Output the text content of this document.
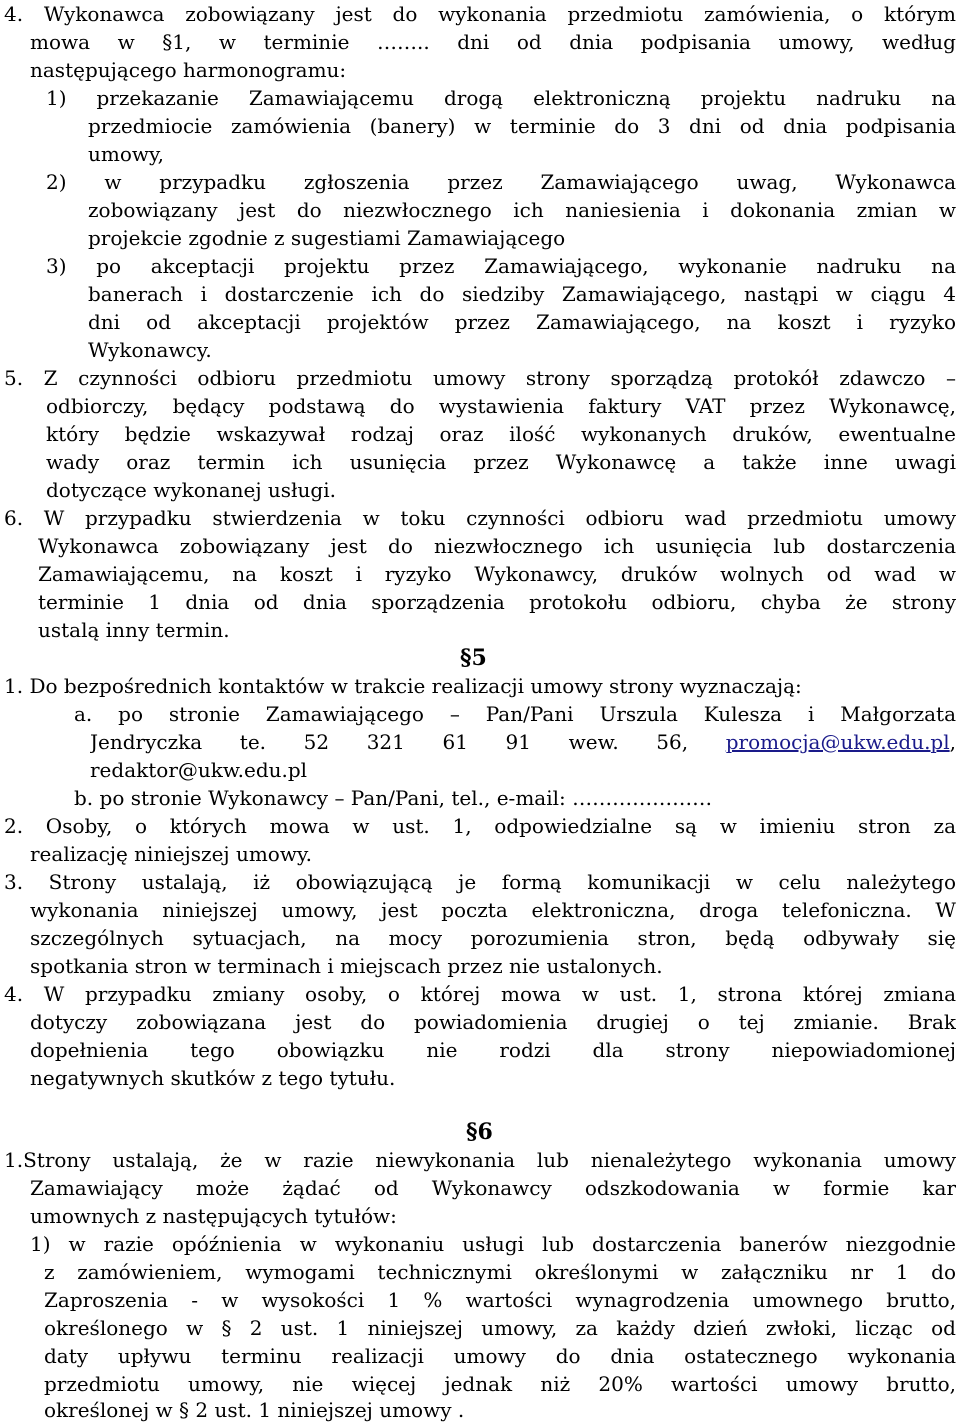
4. Wykonawca zobowiązany jest do wykonania przedmiotu zamówienia, o którym
mowa w §1, w terminie …….. dni od dnia podpisania umowy, według
następującego harmonogramu:
1) przekazanie Zamawiającemu drogą elektroniczną projektu nadruku na
przedmiocie zamówienia (banery) w terminie do 3 dni od dnia podpisania
umowy,
2) w przypadku zgłoszenia przez Zamawiającego uwag, Wykonawca
zobowiązany jest do niezwłocznego ich naniesienia i dokonania zmian w
projekcie zgodnie z sugestiami Zamawiającego
3) po akceptacji projektu przez Zamawiającego, wykonanie nadruku na
banerach i dostarczenie ich do siedziby Zamawiającego, nastąpi w ciągu 4
dni od akceptacji projektów przez Zamawiającego, na koszt i ryzyko
Wykonawcy.
5. Z czynności odbioru przedmiotu umowy strony sporządzą protokół zdawczo –
odbiorczy, będący podstawą do wystawienia faktury VAT przez Wykonawcę,
który będzie wskazywał rodzaj oraz ilość wykonanych druków, ewentualne
wady oraz termin ich usunięcia przez Wykonawcę a także inne uwagi
dotyczące wykonanej usługi.
6. W przypadku stwierdzenia w toku czynności odbioru wad przedmiotu umowy
Wykonawca zobowiązany jest do niezwłocznego ich usunięcia lub dostarczenia
Zamawiającemu, na koszt i ryzyko Wykonawcy, druków wolnych od wad w
terminie 1 dnia od dnia sporządzenia protokołu odbioru, chyba że strony
ustalą inny termin.
§5
1. Do bezpośrednich kontaktów w trakcie realizacji umowy strony wyznaczają:
a. po stronie Zamawiającego – Pan/Pani Urszula Kulesza i Małgorzata
Jendryczka te. 52 321 61 91 wew. 56, promocja@ukw.edu.pl,
redaktor@ukw.edu.pl
b. po stronie Wykonawcy – Pan/Pani, tel., e-mail: …………………
2. Osoby, o których mowa w ust. 1, odpowiedzialne są w imieniu stron za
realizację niniejszej umowy.
3. Strony ustalają, iż obowiązującą je formą komunikacji w celu należytego
wykonania niniejszej umowy, jest poczta elektroniczna, droga telefoniczna. W
szczególnych sytuacjach, na mocy porozumienia stron, będą odbywały się
spotkania stron w terminach i miejscach przez nie ustalonych.
4. W przypadku zmiany osoby, o której mowa w ust. 1, strona której zmiana
dotyczy zobowiązana jest do powiadomienia drugiej o tej zmianie. Brak
dopełnienia tego obowiązku nie rodzi dla strony niepowiadomionej
negatywnych skutków z tego tytułu.
§6
1.Strony ustalają, że w razie niewykonania lub nienależytego wykonania umowy
Zamawiający może żądać od Wykonawcy odszkodowania w formie kar
umownych z następujących tytułów:
1) w razie opóźnienia w wykonaniu usługi lub dostarczenia banerów niezgodnie
z zamówieniem, wymogami technicznymi określonymi w załączniku nr 1 do
Zaproszenia - w wysokości 1 % wartości wynagrodzenia umownego brutto,
określonego w § 2 ust. 1 niniejszej umowy, za każdy dzień zwłoki, licząc od
daty upływu terminu realizacji umowy do dnia ostatecznego wykonania
przedmiotu umowy, nie więcej jednak niż 20% wartości umowy brutto,
określonej w § 2 ust. 1 niniejszej umowy .
